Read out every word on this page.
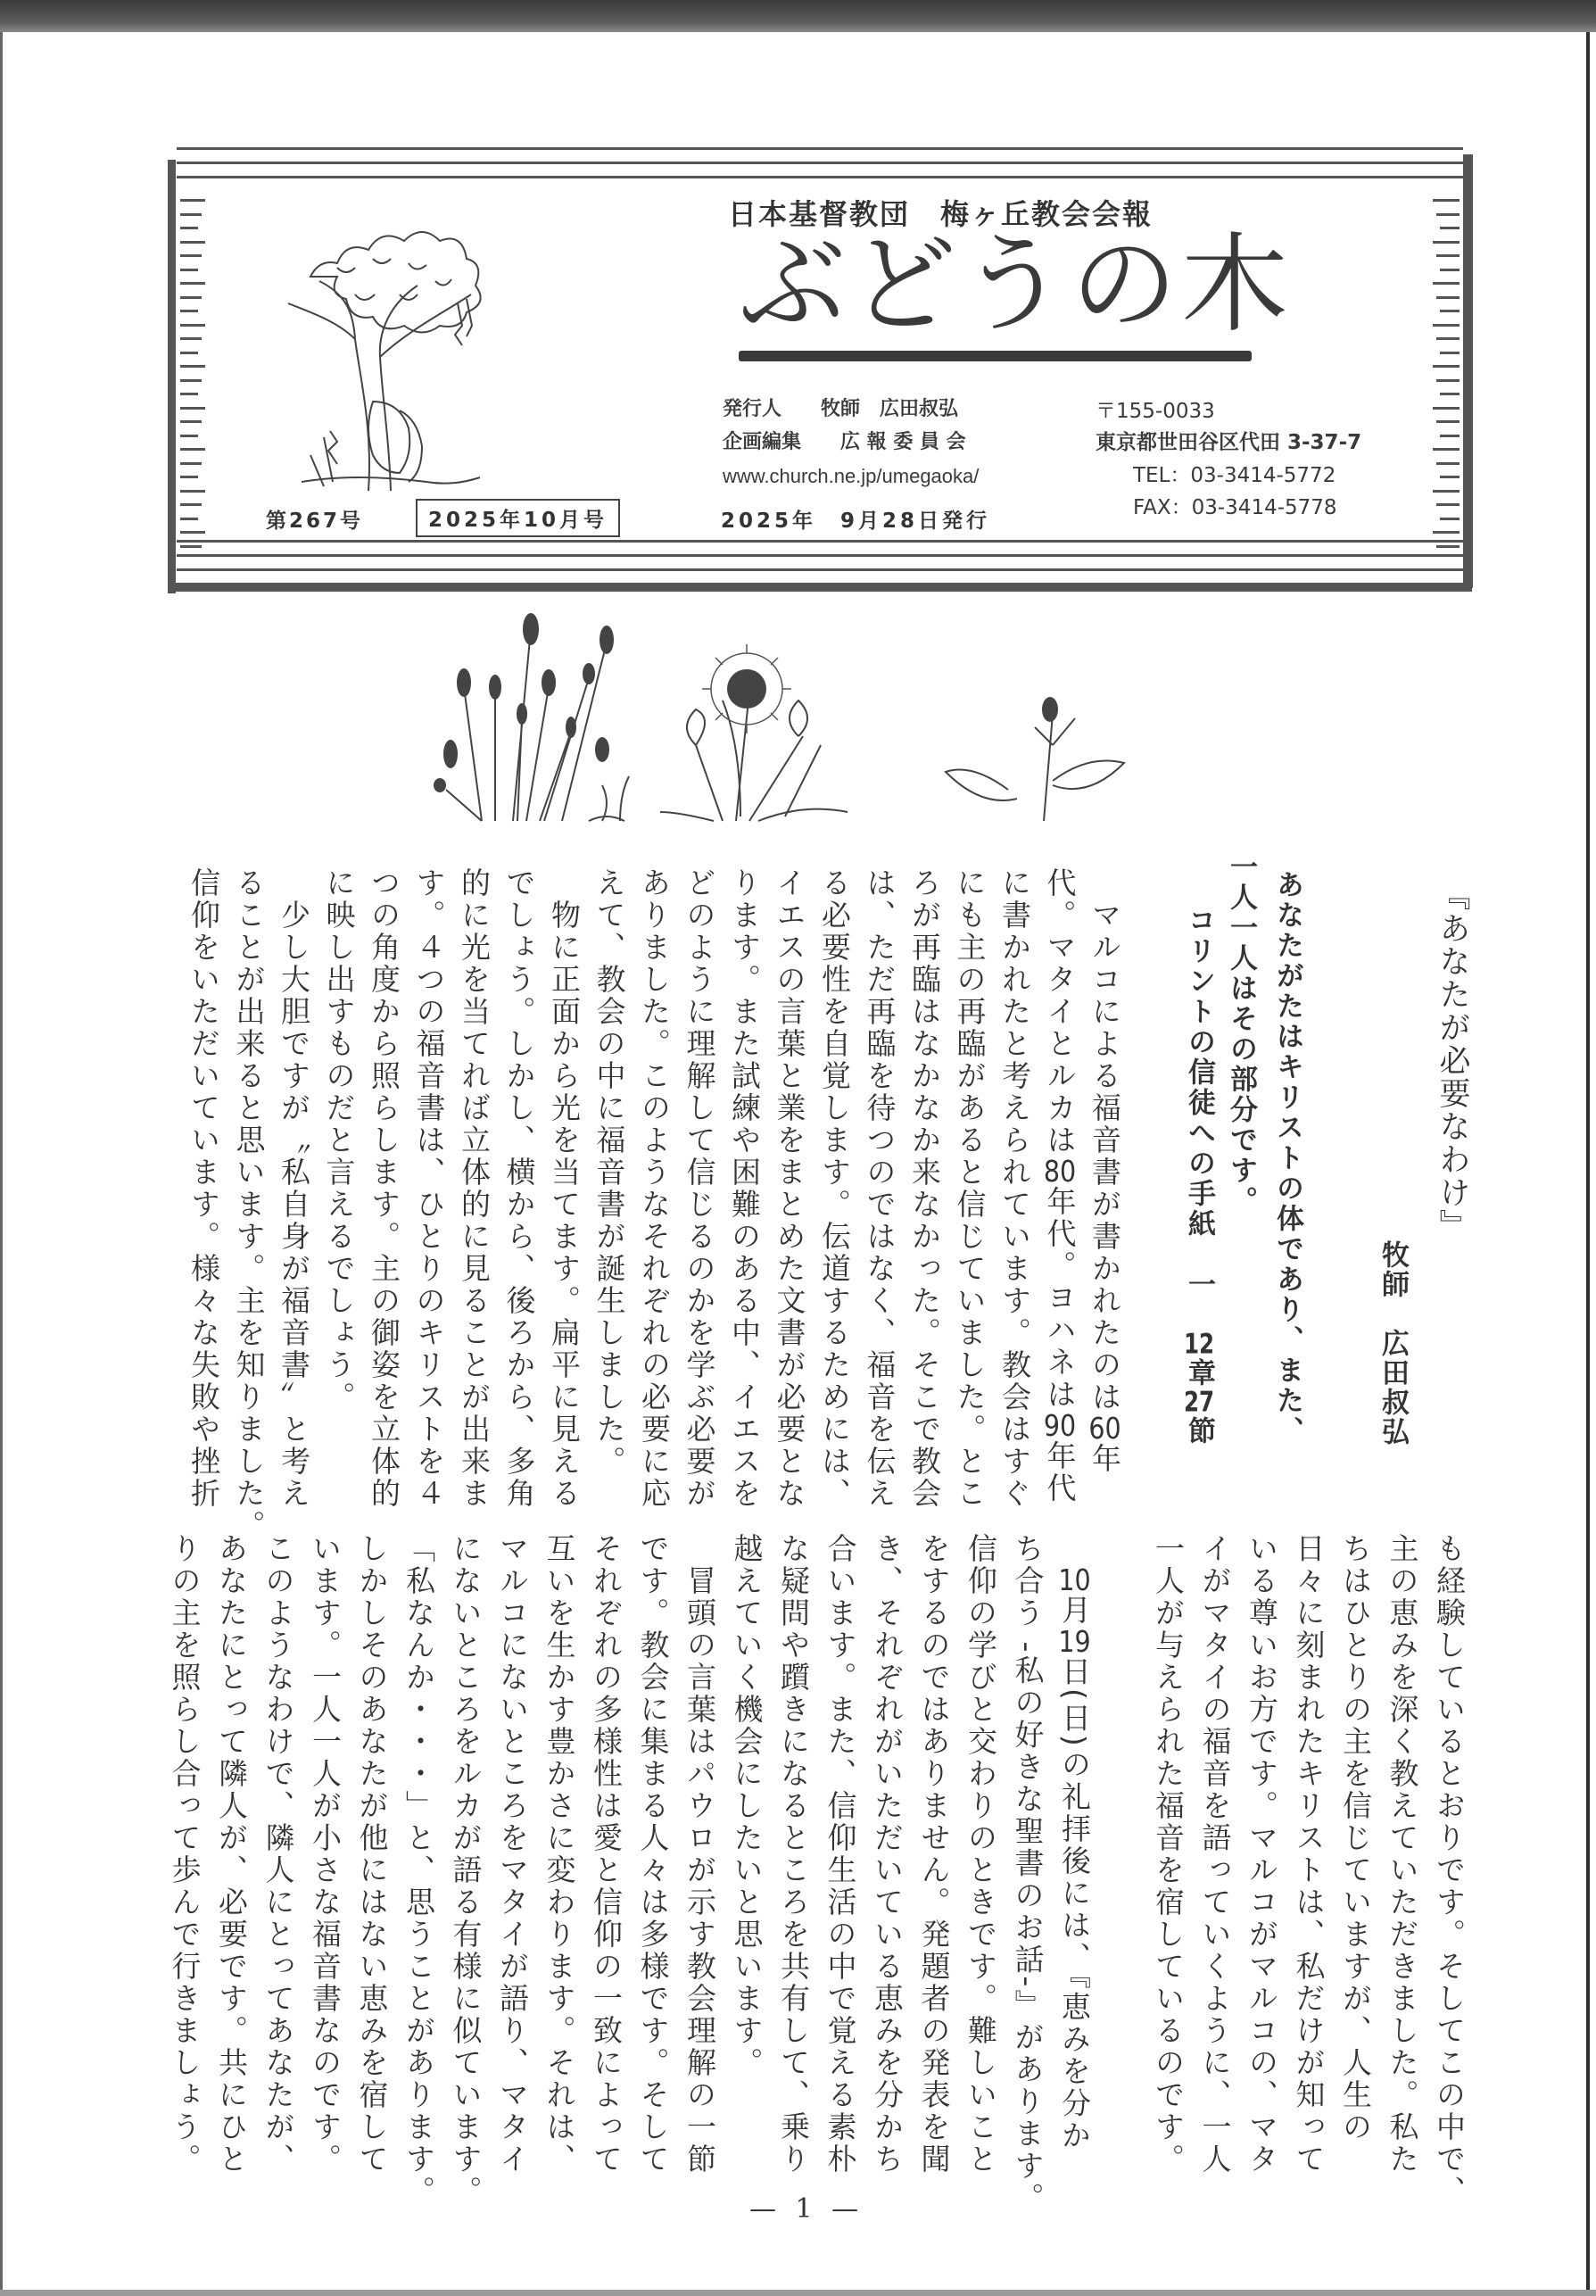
日本基督教団　梅ヶ丘教会会報
ぶどうの木
発行人　　牧師　広田叔弘
企画編集　　広 報 委 員 会
www.church.ne.jp/umegaoka/
〒155-0033
東京都世田谷区代田 3-37-7
TEL：03-3414-5772
FAX：03-3414-5778
第267号	2025年10月号	2025年　9月28日発行
『あなたが必要なわけ』
牧師　広田叔弘
あなたがたはキリストの体であり、また、
一人一人はその部分です。
コリントの信徒への手紙　一　12章27節
　マルコによる福音書が書かれたのは60年
代。マタイとルカは80年代。ヨハネは90年代
に書かれたと考えられています。教会はすぐ
にも主の再臨があると信じていました。とこ
ろが再臨はなかなか来なかった。そこで教会
は、ただ再臨を待つのではなく、福音を伝え
る必要性を自覚します。伝道するためには、
イエスの言葉と業をまとめた文書が必要とな
ります。また試練や困難のある中、イエスを
どのように理解して信じるのかを学ぶ必要が
ありました。このようなそれぞれの必要に応
えて、教会の中に福音書が誕生しました。
　物に正面から光を当てます。扁平に見える
でしょう。しかし、横から、後ろから、多角
的に光を当てれば立体的に見ることが出来ま
す。４つの福音書は、ひとりのキリストを４
つの角度から照らします。主の御姿を立体的
に映し出すものだと言えるでしょう。
　少し大胆ですが〝私自身が福音書〟と考え
ることが出来ると思います。主を知りました。
信仰をいただいています。様々な失敗や挫折
も経験しているとおりです。そしてこの中で、
主の恵みを深く教えていただきました。私た
ちはひとりの主を信じていますが、人生の
日々に刻まれたキリストは、私だけが知って
いる尊いお方です。マルコがマルコの、マタ
イがマタイの福音を語っていくように、一人
一人が与えられた福音を宿しているのです。
　10月19日(日)の礼拝後には、『恵みを分か
ち合う -私の好きな聖書のお話-』があります。
信仰の学びと交わりのときです。難しいこと
をするのではありません。発題者の発表を聞
き、それぞれがいただいている恵みを分かち
合います。また、信仰生活の中で覚える素朴
な疑問や躓きになるところを共有して、乗り
越えていく機会にしたいと思います。
　冒頭の言葉はパウロが示す教会理解の一節
です。教会に集まる人々は多様です。そして
それぞれの多様性は愛と信仰の一致によって
互いを生かす豊かさに変わります。それは、
マルコにないところをマタイが語り、マタイ
にないところをルカが語る有様に似ています。
「私なんか・・・」と、思うことがあります。
しかしそのあなたが他にはない恵みを宿して
います。一人一人が小さな福音書なのです。
このようなわけで、隣人にとってあなたが、
あなたにとって隣人が、必要です。共にひと
りの主を照らし合って歩んで行きましょう。
— 1 —
